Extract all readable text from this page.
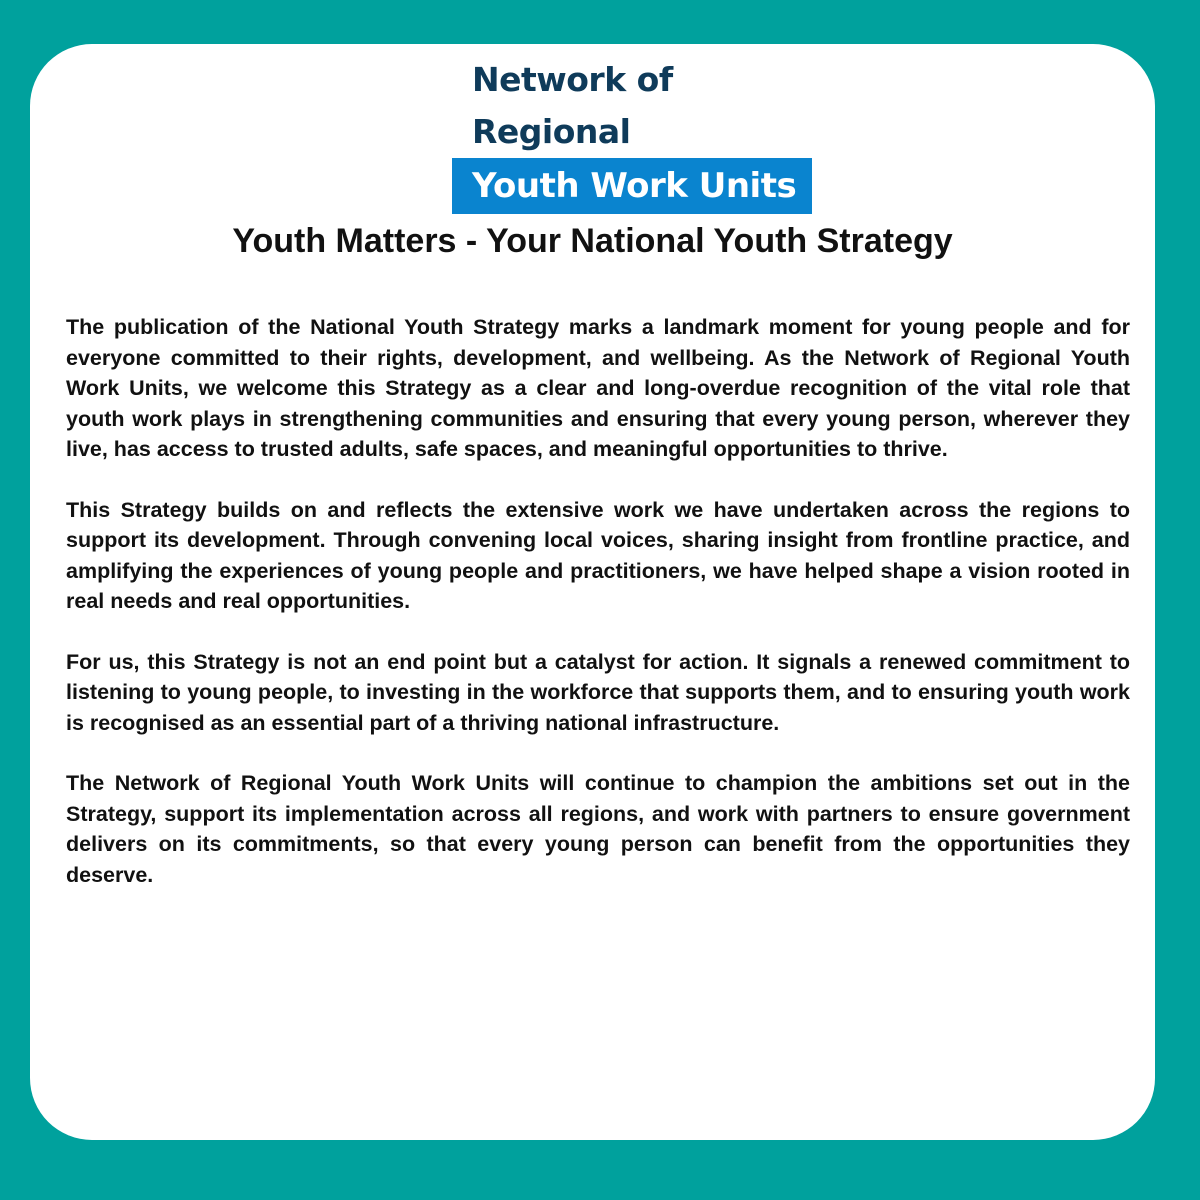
Network of
Regional
Youth Work Units
Youth Matters - Your National Youth Strategy

The publication of the National Youth Strategy marks a landmark moment for young people and for everyone committed to their rights, development, and wellbeing. As the Network of Regional Youth Work Units, we welcome this Strategy as a clear and long-overdue recognition of the vital role that youth work plays in strengthening communities and ensuring that every young person, wherever they live, has access to trusted adults, safe spaces, and meaningful opportunities to thrive.

This Strategy builds on and reflects the extensive work we have undertaken across the regions to support its development. Through convening local voices, sharing insight from frontline practice, and amplifying the experiences of young people and practitioners, we have helped shape a vision rooted in real needs and real opportunities.

For us, this Strategy is not an end point but a catalyst for action. It signals a renewed commitment to listening to young people, to investing in the workforce that supports them, and to ensuring youth work is recognised as an essential part of a thriving national infrastructure.

The Network of Regional Youth Work Units will continue to champion the ambitions set out in the Strategy, support its implementation across all regions, and work with partners to ensure government delivers on its commitments, so that every young person can benefit from the opportunities they deserve.
